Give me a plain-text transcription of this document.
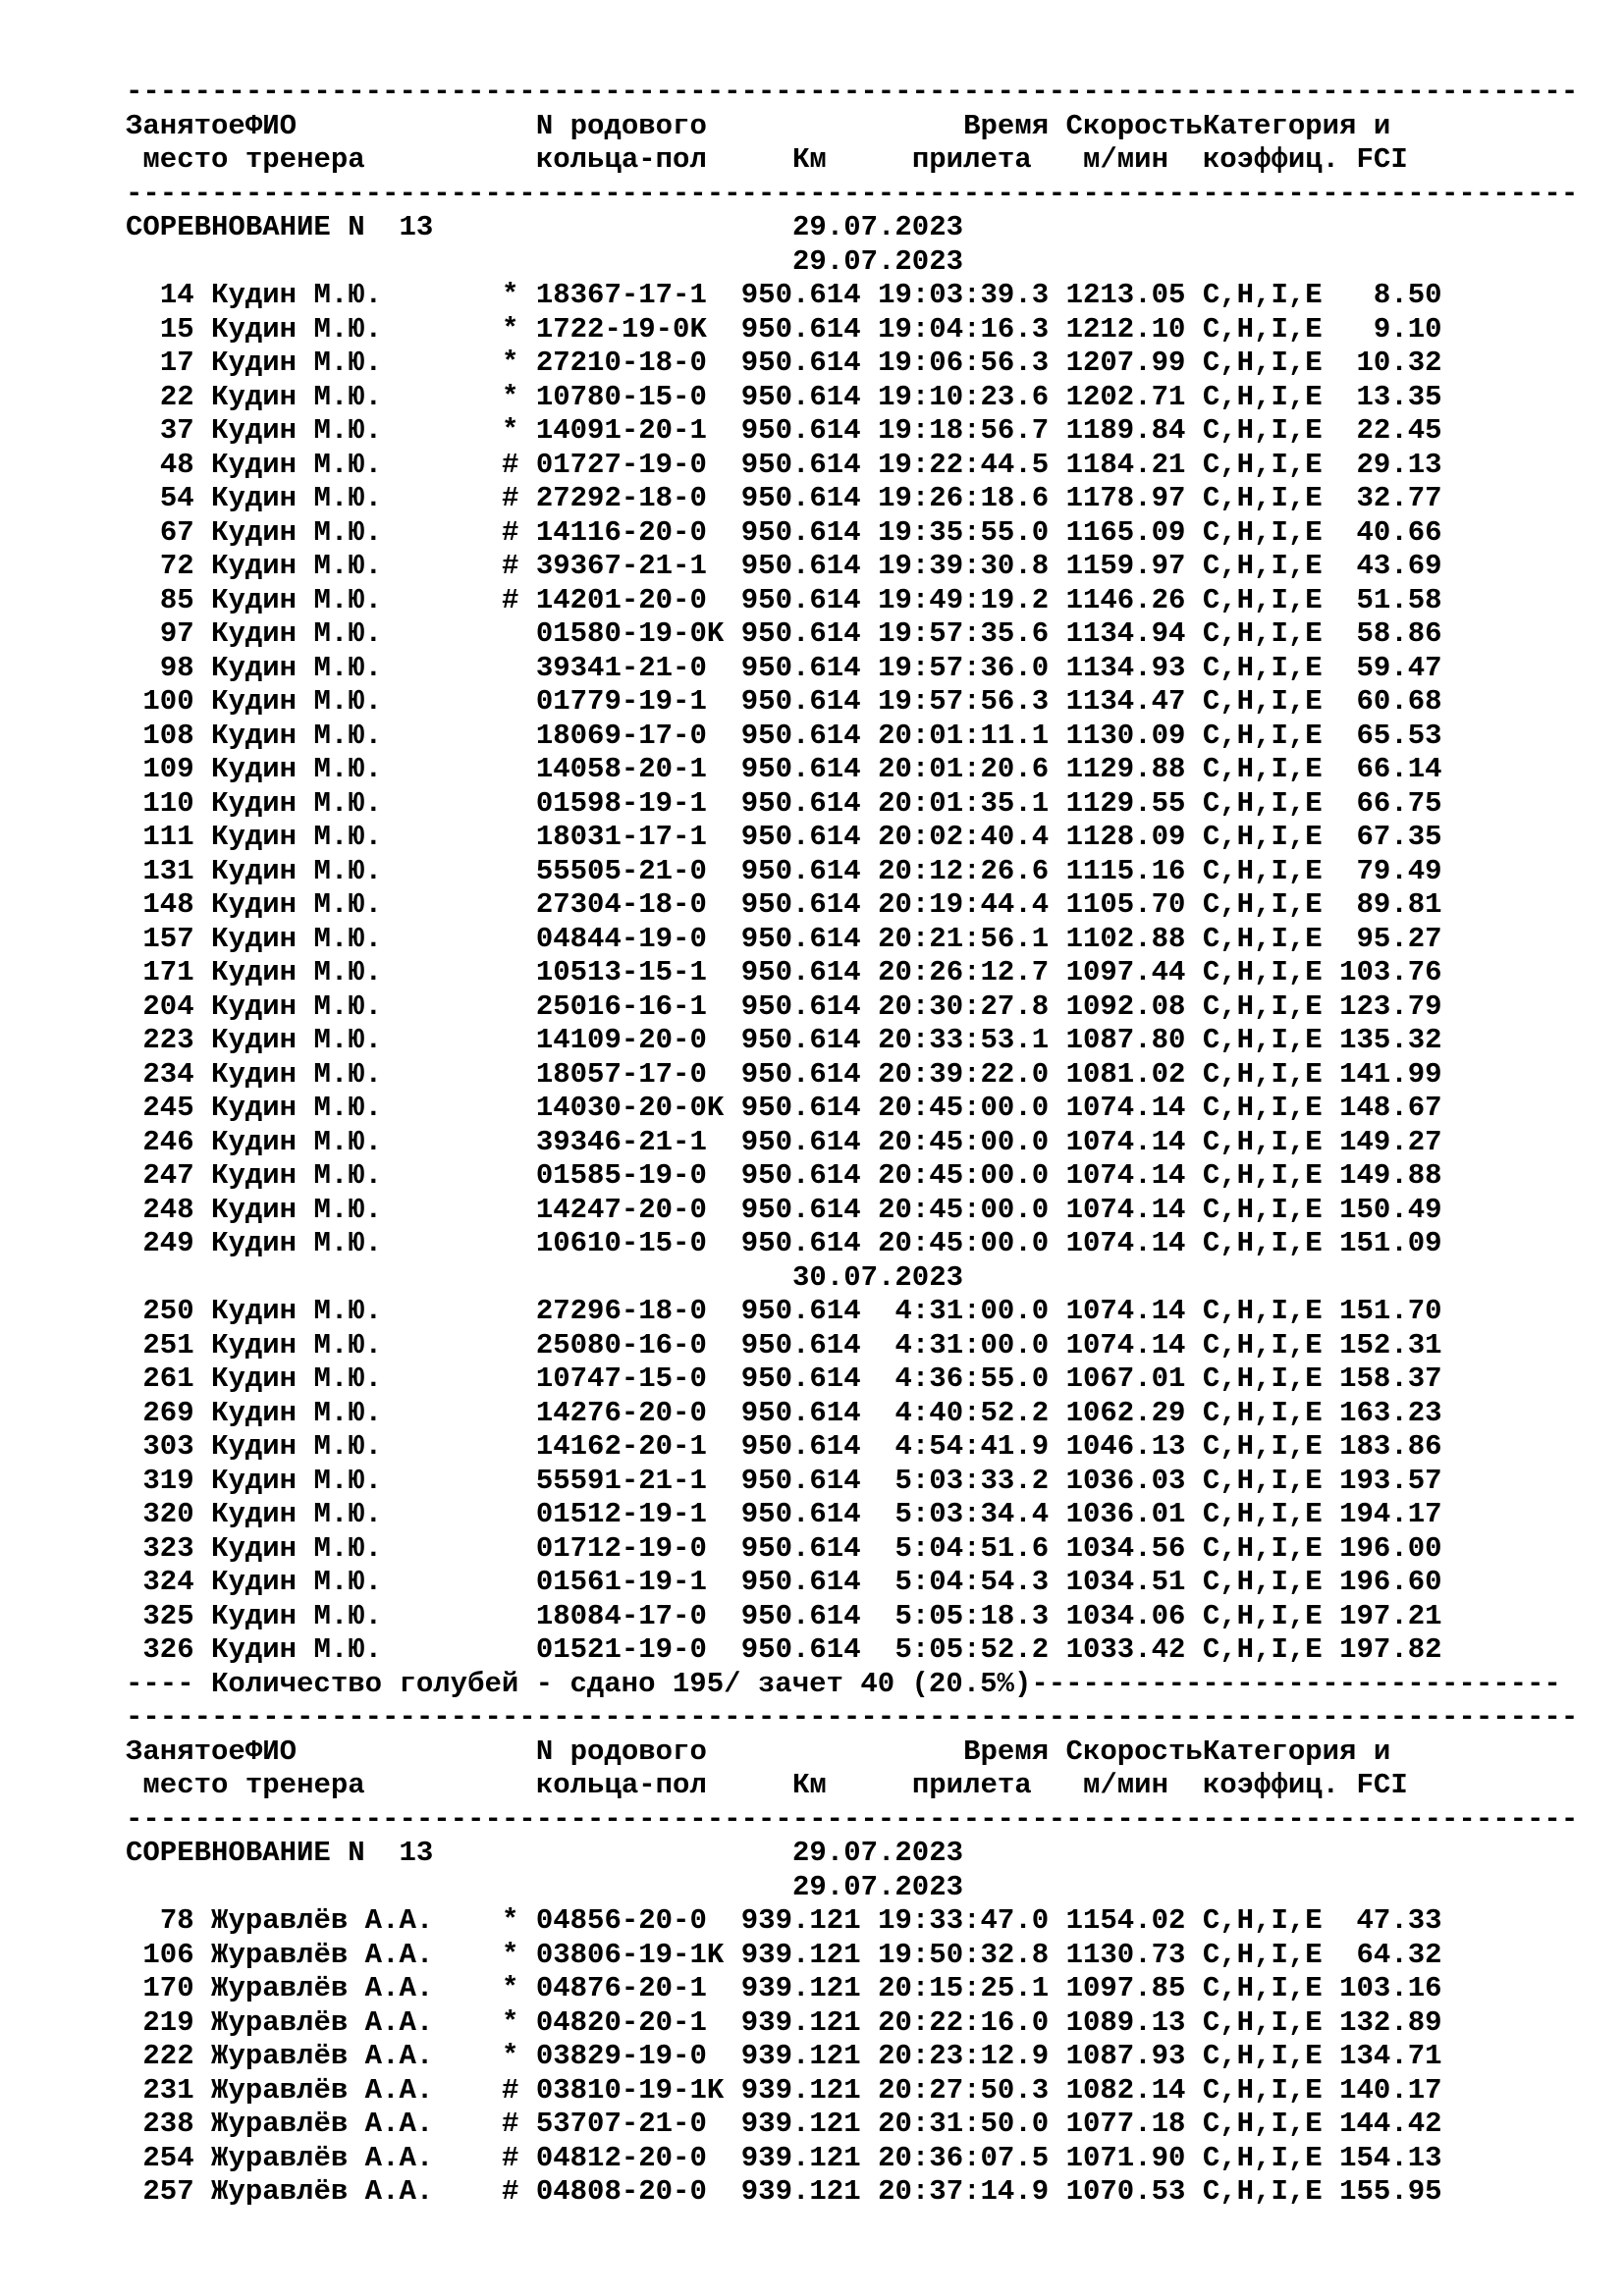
-------------------------------------------------------------------------------------
Занятое ФИО	N родового	Время Скорость Категория и
место тренера	кольца-пол	Км	прилета м/мин	коэффиц. FCI
-------------------------------------------------------------------------------------
СОРЕВНОВАНИЕ N  13	29.07.2023
29.07.2023
14 Кудин М.Ю.	* 18367-17-1	950.614 19:03:39.3 1213.05 C,H,I,E	8.50
15 Кудин М.Ю.	* 1722-19-0K	950.614 19:04:16.3 1212.10 C,H,I,E	9.10
17 Кудин М.Ю.	* 27210-18-0	950.614 19:06:56.3 1207.99 C,H,I,E	10.32
22 Кудин М.Ю.	* 10780-15-0	950.614 19:10:23.6 1202.71 C,H,I,E	13.35
37 Кудин М.Ю.	* 14091-20-1	950.614 19:18:56.7 1189.84 C,H,I,E	22.45
48 Кудин М.Ю.	# 01727-19-0	950.614 19:22:44.5 1184.21 C,H,I,E	29.13
54 Кудин М.Ю.	# 27292-18-0	950.614 19:26:18.6 1178.97 C,H,I,E	32.77
67 Кудин М.Ю.	# 14116-20-0	950.614 19:35:55.0 1165.09 C,H,I,E	40.66
72 Кудин М.Ю.	# 39367-21-1	950.614 19:39:30.8 1159.97 C,H,I,E	43.69
85 Кудин М.Ю.	# 14201-20-0	950.614 19:49:19.2 1146.26 C,H,I,E	51.58
97 Кудин М.Ю.	01580-19-0K 950.614 19:57:35.6 1134.94 C,H,I,E	58.86
98 Кудин М.Ю.	39341-21-0	950.614 19:57:36.0 1134.93 C,H,I,E	59.47
100 Кудин М.Ю.	01779-19-1	950.614 19:57:56.3 1134.47 C,H,I,E	60.68
108 Кудин М.Ю.	18069-17-0	950.614 20:01:11.1 1130.09 C,H,I,E	65.53
109 Кудин М.Ю.	14058-20-1	950.614 20:01:20.6 1129.88 C,H,I,E	66.14
110 Кудин М.Ю.	01598-19-1	950.614 20:01:35.1 1129.55 C,H,I,E	66.75
111 Кудин М.Ю.	18031-17-1	950.614 20:02:40.4 1128.09 C,H,I,E	67.35
131 Кудин М.Ю.	55505-21-0	950.614 20:12:26.6 1115.16 C,H,I,E	79.49
148 Кудин М.Ю.	27304-18-0	950.614 20:19:44.4 1105.70 C,H,I,E	89.81
157 Кудин М.Ю.	04844-19-0	950.614 20:21:56.1 1102.88 C,H,I,E	95.27
171 Кудин М.Ю.	10513-15-1	950.614 20:26:12.7 1097.44 C,H,I,E 103.76
204 Кудин М.Ю.	25016-16-1	950.614 20:30:27.8 1092.08 C,H,I,E 123.79
223 Кудин М.Ю.	14109-20-0	950.614 20:33:53.1 1087.80 C,H,I,E 135.32
234 Кудин М.Ю.	18057-17-0	950.614 20:39:22.0 1081.02 C,H,I,E 141.99
245 Кудин М.Ю.	14030-20-0K 950.614 20:45:00.0 1074.14 C,H,I,E 148.67
246 Кудин М.Ю.	39346-21-1	950.614 20:45:00.0 1074.14 C,H,I,E 149.27
247 Кудин М.Ю.	01585-19-0	950.614 20:45:00.0 1074.14 C,H,I,E 149.88
248 Кудин М.Ю.	14247-20-0	950.614 20:45:00.0 1074.14 C,H,I,E 150.49
249 Кудин М.Ю.	10610-15-0	950.614 20:45:00.0 1074.14 C,H,I,E 151.09
30.07.2023
250 Кудин М.Ю.	27296-18-0	950.614	4:31:00.0 1074.14 C,H,I,E 151.70
251 Кудин М.Ю.	25080-16-0	950.614	4:31:00.0 1074.14 C,H,I,E 152.31
261 Кудин М.Ю.	10747-15-0	950.614	4:36:55.0 1067.01 C,H,I,E 158.37
269 Кудин М.Ю.	14276-20-0	950.614	4:40:52.2 1062.29 C,H,I,E 163.23
303 Кудин М.Ю.	14162-20-1	950.614	4:54:41.9 1046.13 C,H,I,E 183.86
319 Кудин М.Ю.	55591-21-1	950.614	5:03:33.2 1036.03 C,H,I,E 193.57
320 Кудин М.Ю.	01512-19-1	950.614	5:03:34.4 1036.01 C,H,I,E 194.17
323 Кудин М.Ю.	01712-19-0	950.614	5:04:51.6 1034.56 C,H,I,E 196.00
324 Кудин М.Ю.	01561-19-1	950.614	5:04:54.3 1034.51 C,H,I,E 196.60
325 Кудин М.Ю.	18084-17-0	950.614	5:05:18.3 1034.06 C,H,I,E 197.21
326 Кудин М.Ю.	01521-19-0	950.614	5:05:52.2 1033.42 C,H,I,E 197.82
---- Количество голубей - сдано 195/ зачет 40 (20.5%)-------------------------------
-------------------------------------------------------------------------------------
Занятое ФИО	N родового	Время Скорость Категория и
место тренера	кольца-пол	Км	прилета м/мин	коэффиц. FCI
-------------------------------------------------------------------------------------
СОРЕВНОВАНИЕ N  13	29.07.2023
29.07.2023
78 Журавлёв А.А.	* 04856-20-0	939.121 19:33:47.0 1154.02 C,H,I,E	47.33
106 Журавлёв А.А.	* 03806-19-1K 939.121 19:50:32.8 1130.73 C,H,I,E	64.32
170 Журавлёв А.А.	* 04876-20-1	939.121 20:15:25.1 1097.85 C,H,I,E 103.16
219 Журавлёв А.А.	* 04820-20-1	939.121 20:22:16.0 1089.13 C,H,I,E 132.89
222 Журавлёв А.А.	* 03829-19-0	939.121 20:23:12.9 1087.93 C,H,I,E 134.71
231 Журавлёв А.А.	# 03810-19-1K 939.121 20:27:50.3 1082.14 C,H,I,E 140.17
238 Журавлёв А.А.	# 53707-21-0	939.121 20:31:50.0 1077.18 C,H,I,E 144.42
254 Журавлёв А.А.	# 04812-20-0	939.121 20:36:07.5 1071.90 C,H,I,E 154.13
257 Журавлёв А.А.	# 04808-20-0	939.121 20:37:14.9 1070.53 C,H,I,E 155.95
